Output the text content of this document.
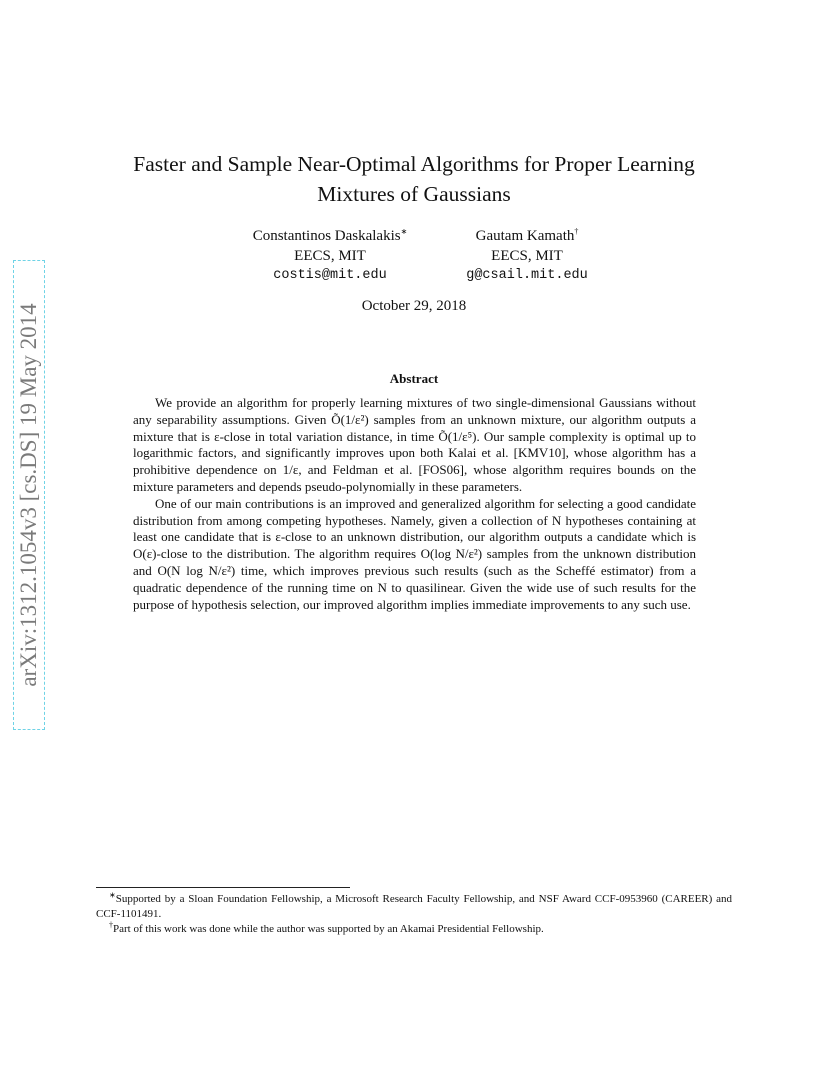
arXiv:1312.1054v3 [cs.DS] 19 May 2014
Faster and Sample Near-Optimal Algorithms for Proper Learning
Mixtures of Gaussians
Constantinos Daskalakis∗
EECS, MIT
costis@mit.edu
Gautam Kamath†
EECS, MIT
g@csail.mit.edu
October 29, 2018
Abstract

We provide an algorithm for properly learning mixtures of two single-dimensional Gaussians without any separability assumptions. Given Õ(1/ε²) samples from an unknown mixture, our algorithm outputs a mixture that is ε-close in total variation distance, in time Õ(1/ε⁵). Our sample complexity is optimal up to logarithmic factors, and significantly improves upon both Kalai et al. [KMV10], whose algorithm has a prohibitive dependence on 1/ε, and Feldman et al. [FOS06], whose algorithm requires bounds on the mixture parameters and depends pseudo-polynomially in these parameters.

One of our main contributions is an improved and generalized algorithm for selecting a good candidate distribution from among competing hypotheses. Namely, given a collection of N hypotheses containing at least one candidate that is ε-close to an unknown distribution, our algorithm outputs a candidate which is O(ε)-close to the distribution. The algorithm requires O(log N/ε²) samples from the unknown distribution and O(N log N/ε²) time, which improves previous such results (such as the Scheffé estimator) from a quadratic dependence of the running time on N to quasilinear. Given the wide use of such results for the purpose of hypothesis selection, our improved algorithm implies immediate improvements to any such use.

∗Supported by a Sloan Foundation Fellowship, a Microsoft Research Faculty Fellowship, and NSF Award CCF-0953960 (CAREER) and CCF-1101491.

†Part of this work was done while the author was supported by an Akamai Presidential Fellowship.
